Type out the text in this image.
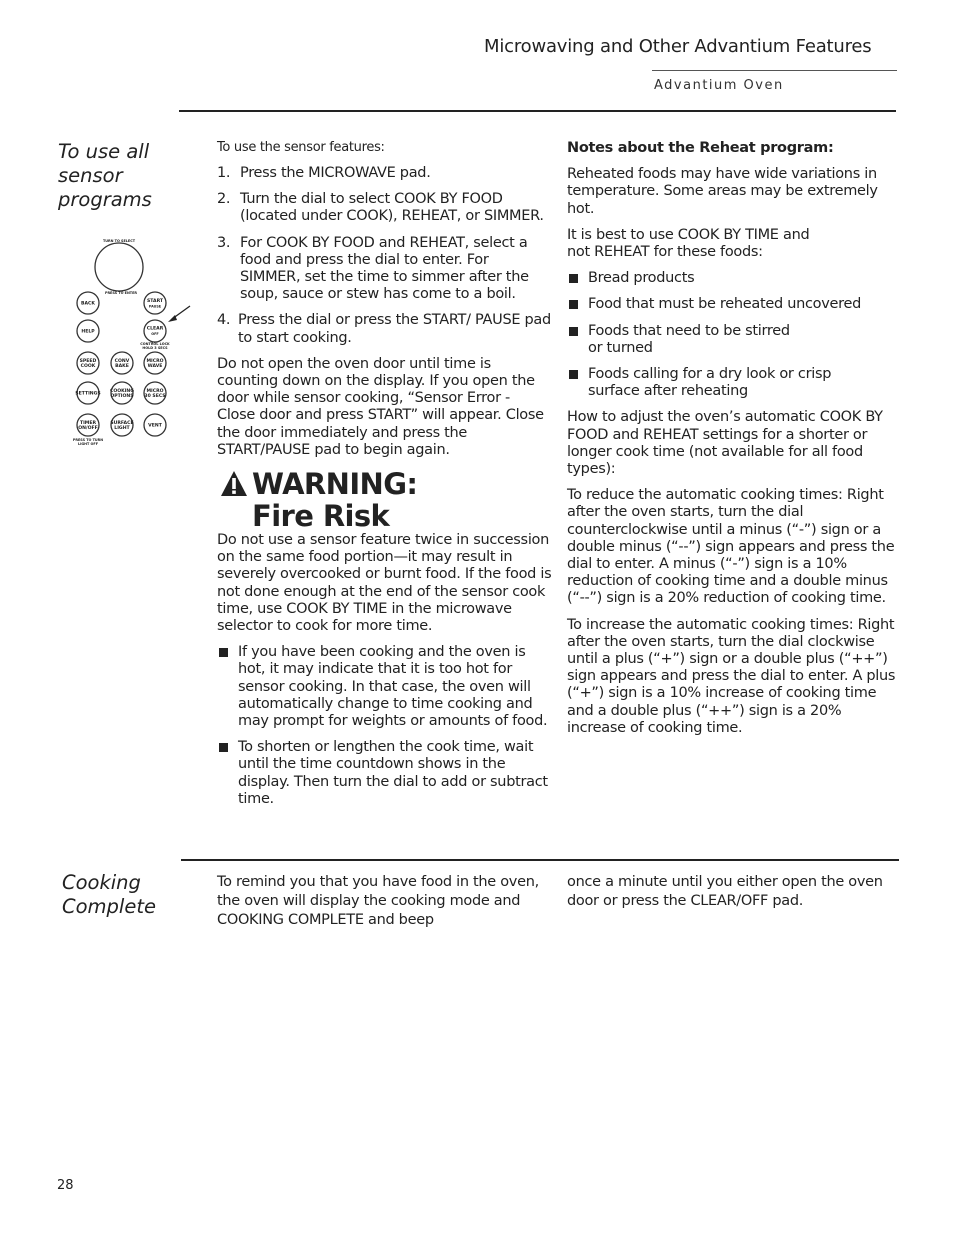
Microwaving and Other Advantium Features
Advantium Oven
To use all
sensor
programs
TURN TO SELECT
PRESS TO ENTER
BACK	START
PAUSE
HELP
CLEAR
OFF
CONTROL LOCK
HOLD 3 SECS
SPEED
COOK
CONV
BAKE
MICRO
WAVE
SETTINGS COOKING
OPTIONS
MICRO
30 SECS
TIMER
ON/OFF
PRESS TO TURN
LIGHT OFF
SURFACE
LIGHT	VENT

To use the sensor features:

1. Press the MICROWAVE pad.
2. Turn the dial to select COOK BY FOOD (located under COOK), REHEAT, or SIMMER.
3. For COOK BY FOOD and REHEAT, select a food and press the dial to enter. For SIMMER, set the time to simmer after the soup, sauce or stew has come to a boil.
4. Press the dial or press the START/ PAUSE pad to start cooking.

Do not open the oven door until time is counting down on the display. If you open the door while sensor cooking, “Sensor Error - Close door and press START” will appear. Close the door immediately and press the START/PAUSE pad to begin again.

WARNING:
Fire Risk

Do not use a sensor feature twice in succession on the same food portion—it may result in severely overcooked or burnt food. If the food is not done enough at the end of the sensor cook time, use COOK BY TIME in the microwave selector to cook for more time.

If you have been cooking and the oven is hot, it may indicate that it is too hot for sensor cooking. In that case, the oven will automatically change to time cooking and may prompt for weights or amounts of food.
To shorten or lengthen the cook time, wait until the time countdown shows in the display. Then turn the dial to add or subtract time.

Notes about the Reheat program:

Reheated foods may have wide variations in temperature. Some areas may be extremely hot.

It is best to use COOK BY TIME and not REHEAT for these foods:

Bread products
Food that must be reheated uncovered
Foods that need to be stirred or turned
Foods calling for a dry look or crisp surface after reheating

How to adjust the oven’s automatic COOK BY FOOD and REHEAT settings for a shorter or longer cook time (not available for all food types):

To reduce the automatic cooking times: Right after the oven starts, turn the dial counterclockwise until a minus (“-”) sign or a double minus (“--”) sign appears and press the dial to enter. A minus (“-”) sign is a 10% reduction of cooking time and a double minus (“--”) sign is a 20% reduction of cooking time.

To increase the automatic cooking times: Right after the oven starts, turn the dial clockwise until a plus (“+”) sign or a double plus (“++”) sign appears and press the dial to enter. A plus (“+”) sign is a 10% increase of cooking time and a double plus (“++”) sign is a 20% increase of cooking time.

Cooking
Complete
To remind you that you have food in the oven, the oven will display the cooking mode and COOKING COMPLETE and beep
once a minute until you either open the oven door or press the CLEAR/OFF pad.
28
